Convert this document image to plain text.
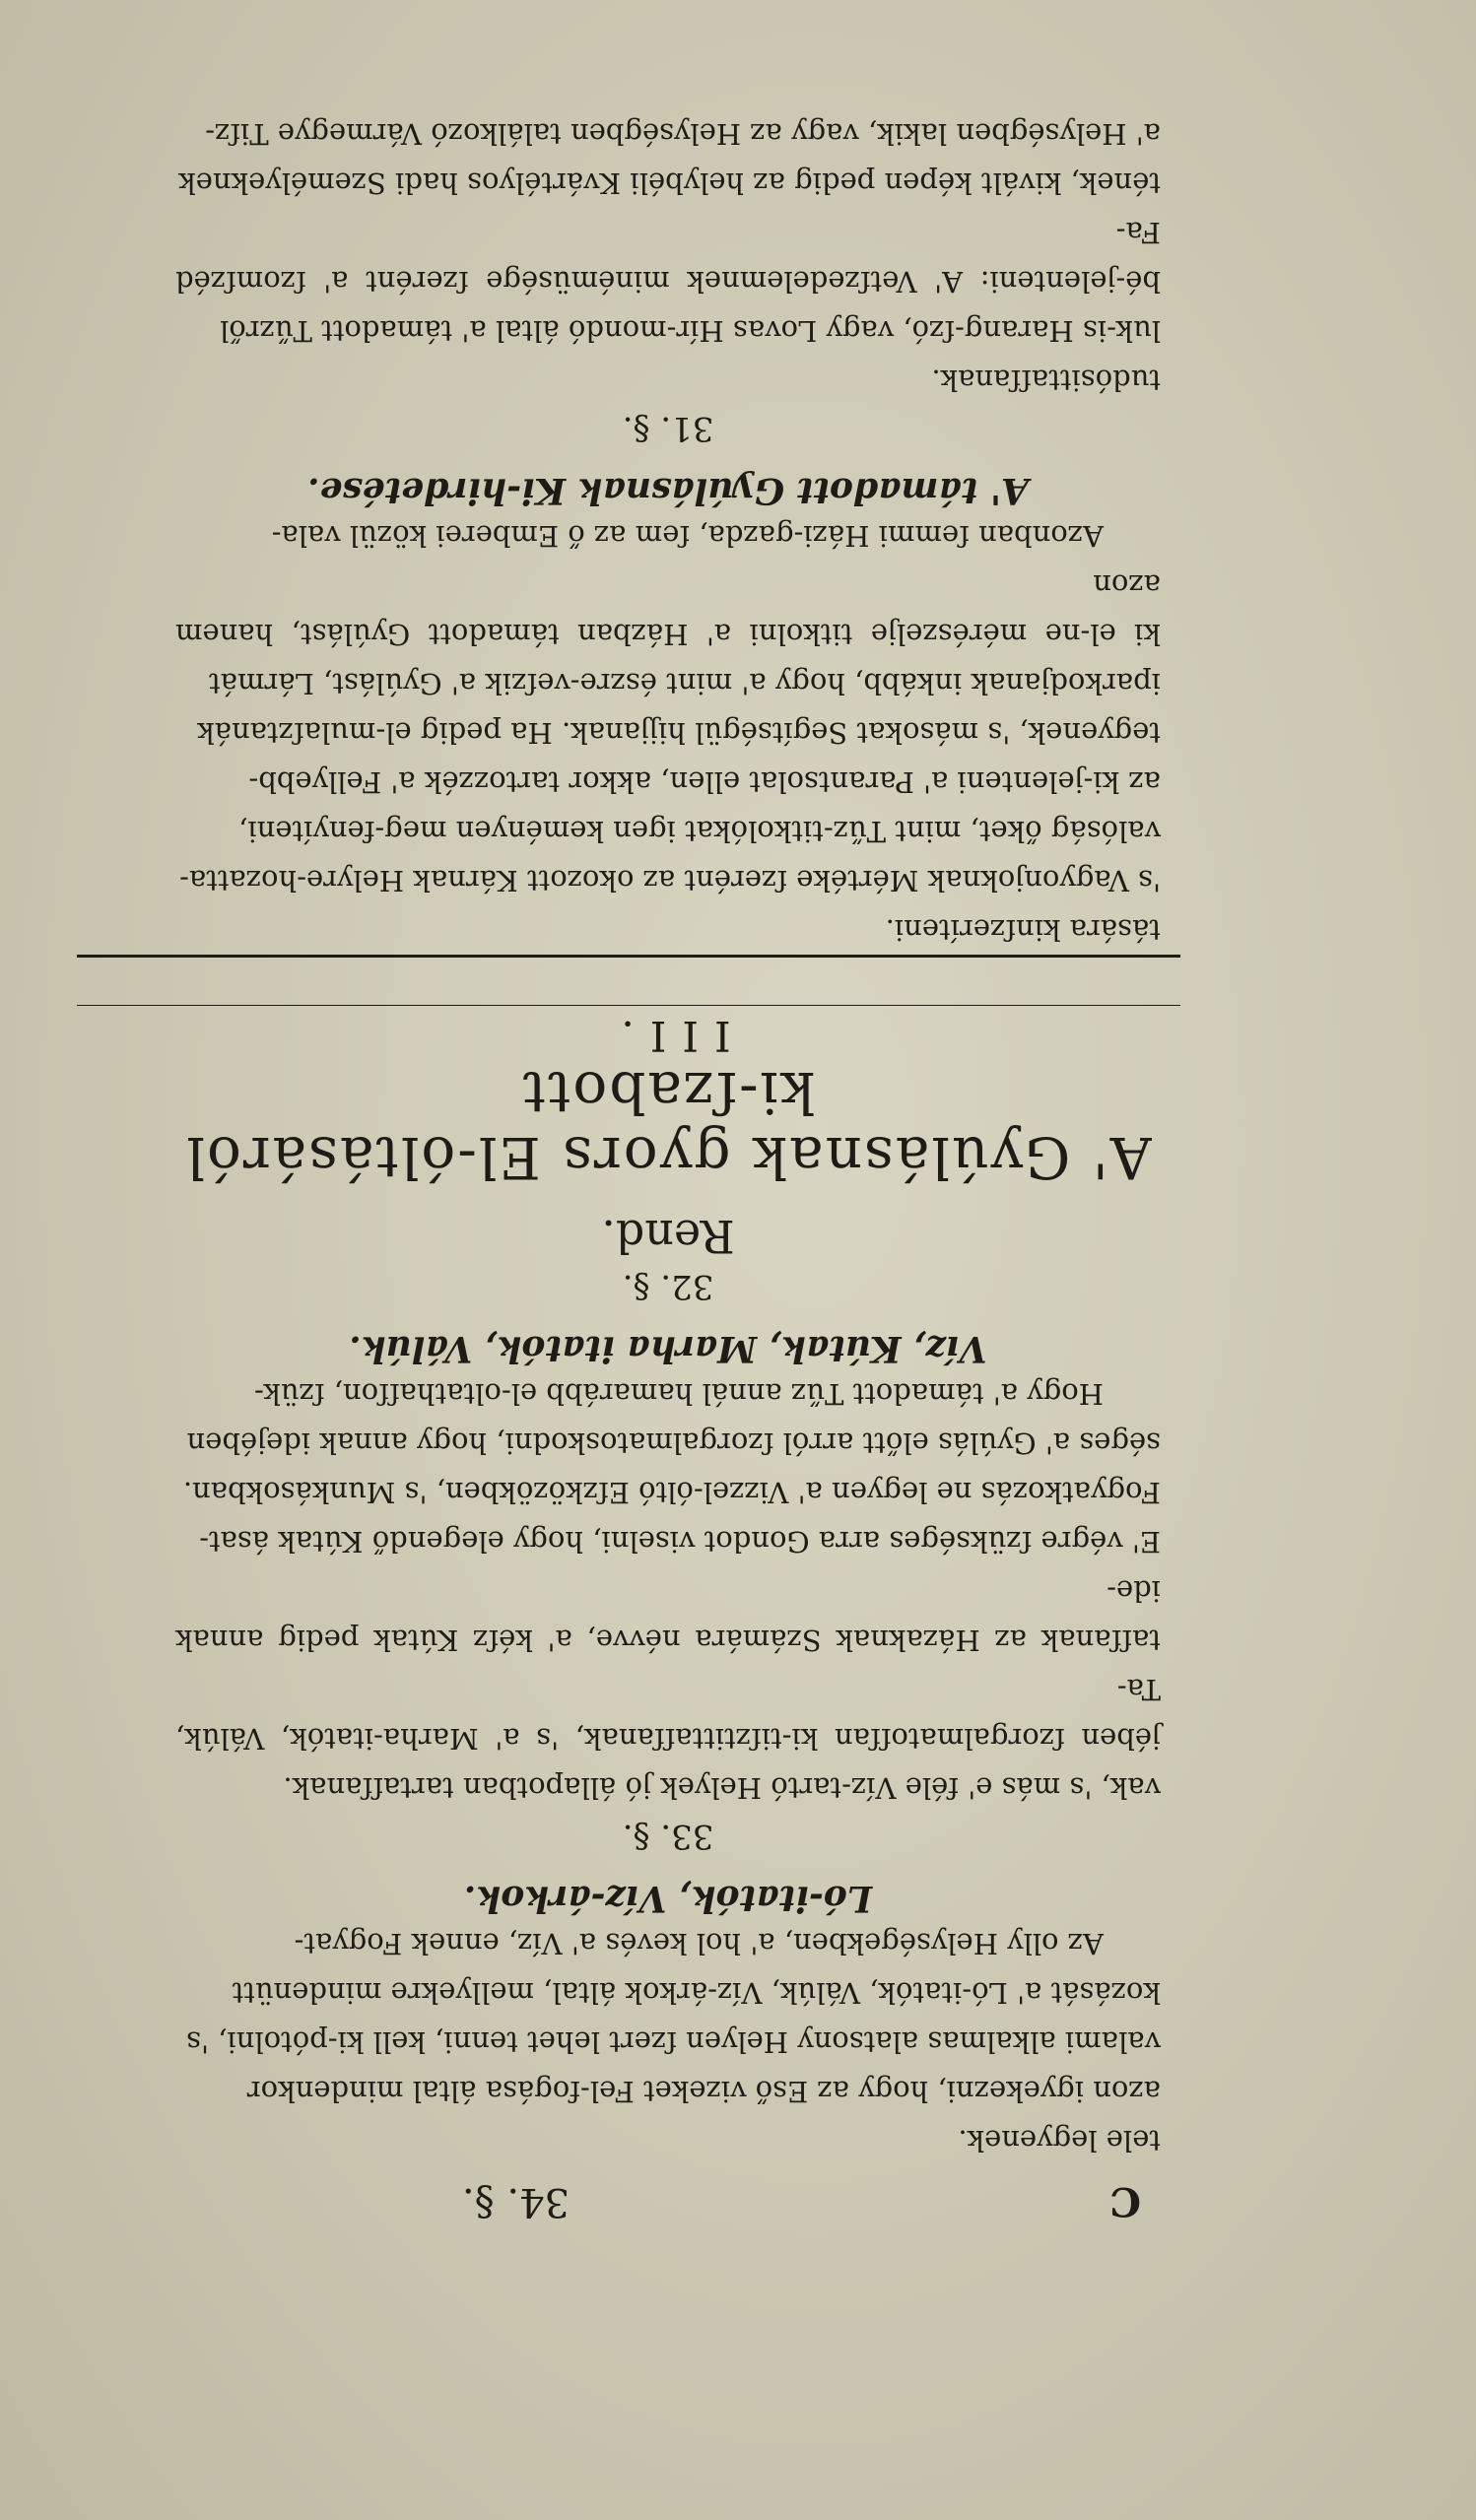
C
34. §.

tele legyenek.

azon igyekezni, hogy az Eső vizeket Fel-fogása által mindenkor

valami alkalmas alatsony Helyen ſzert lehet tenni, kell ki-pótolni, 's

kozását a' Ló-itatók, Válúk, Víz-árkok által, mellyekre mindenütt

Az olly Helységekben, a' hol kevés a' Víz, ennek Fogyat-

Ló-itatók, Víz-árkok.
33. §.

vak, 's más e' féle Víz-tartó Helyek jó állapotban tartaſſanak.

jében ſzorgalmatoſſan ki-tiſztittaſſanak, 's a' Marha-itatók, Válúk, Ta-

taſſanak az Házaknak Számára névve, a' kéſz Kútak pedig annak ide-

E' végre ſzükséges arra Gondot viselni, hogy elegendő Kútak ásat-

Fogyatkozás ne legyen a' Vizzel-óltó Eſzközökben, 's Munkásokban.

séges a' Gyúlás előtt arról ſzorgalmatoskodni, hogy annak idejében

Hogy a' támadott Tűz annál hamarább el-oltathaſſon, ſzük-

Víz, Kútak, Marha itatók, Válúk.
32. §.
Rend.
A' Gyúlásnak gyors El-óltásáról ki-ſzabott
III.

tására kinſzeríteni.

's Vagyonjoknak Mértéke ſzerént az okozott Kárnak Helyre-hozatta-

valóság őket, mint Tűz-titkolókat igen keményen meg-fenyíteni,

az ki-jelenteni a' Parantsolat ellen, akkor tartozzék a' Fellyebb-

tegyenek, 's másokat Segítségül hijjanak. Ha pedig el-mulaſztanák

iparkodjanak inkább, hogy a' mint észre-veſzik a' Gyúlást, Lármát

ki el-ne mérészelje titkolni a' Házban támadott Gyúlást, hanem azon

Azonban ſemmi Házi-gazda, ſem az ő Emberei közül vala-

A' támadott Gyúlásnak Ki-hirdetése.
31. §.

tudósittaſſanak.

luk-is Harang-ſzó, vagy Lovas Hír-mondó által a' támadott Tűzről

bé-jelenteni: A' Vetſzedelemnek minémüsége ſzerént a' ſzomſzéd Fa-

tének, kivált képen pedig az helybéli Kvártélyos hadi Személyeknek

a' Helységben lakik, vagy az Helységben találkozó Vármegye Tiſz-
